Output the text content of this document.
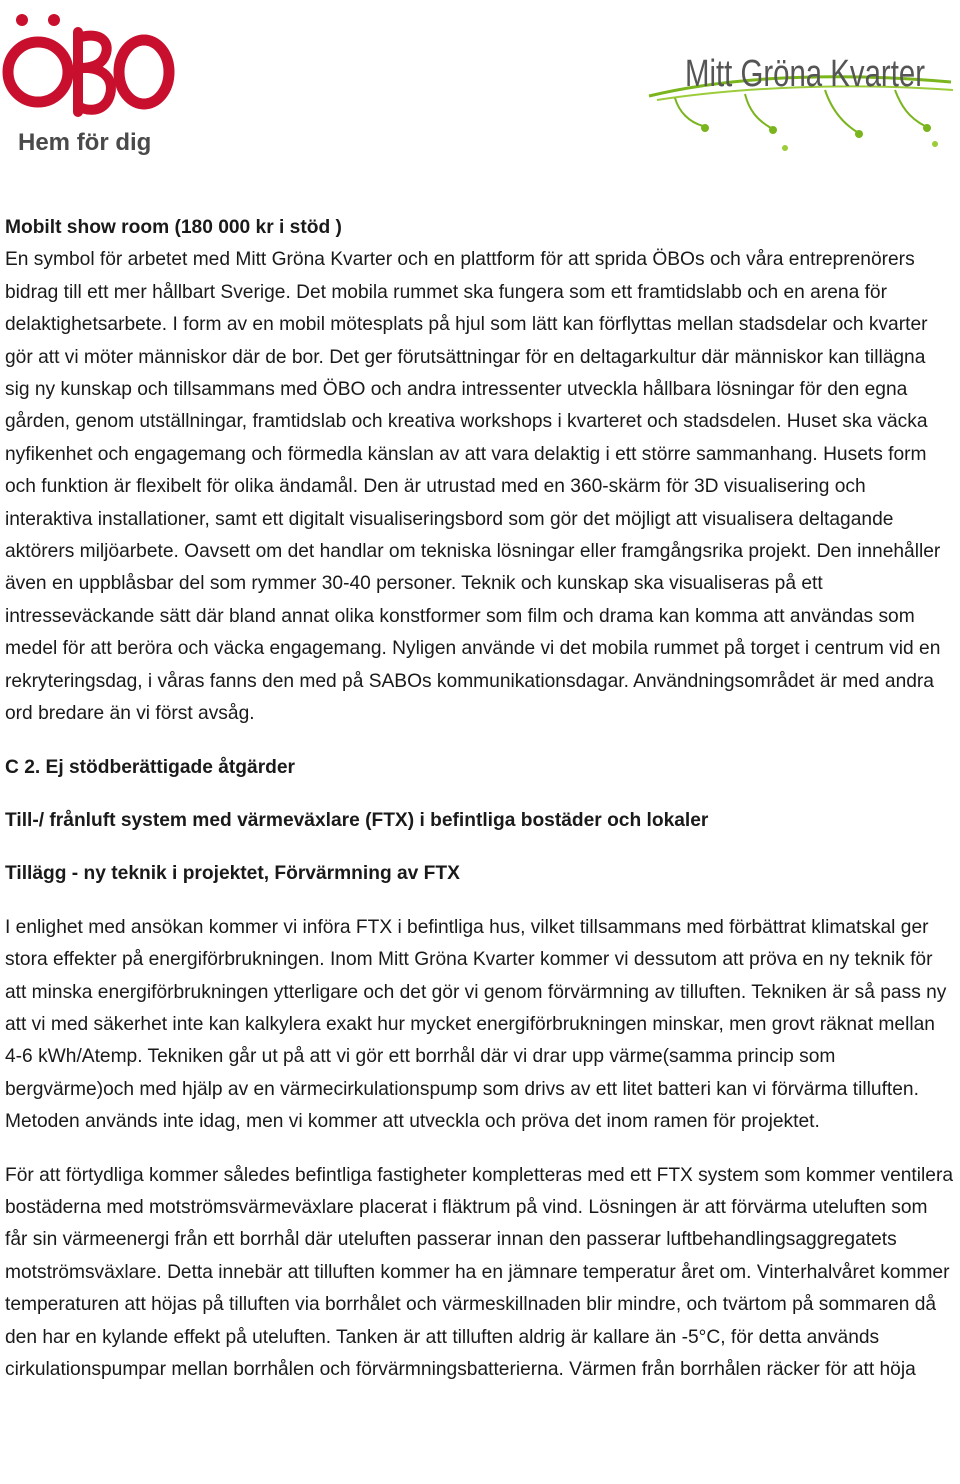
Hem för dig
Mitt Gröna Kvarter

Mobilt show room (180 000 kr i stöd )

En symbol för arbetet med Mitt Gröna Kvarter och en plattform för att sprida ÖBOs och våra entreprenörers bidrag till ett mer hållbart Sverige. Det mobila rummet ska fungera som ett framtidslabb och en arena för delaktighetsarbete. I form av en mobil mötesplats på hjul som lätt kan förflyttas mellan stadsdelar och kvarter gör att vi möter människor där de bor. Det ger förutsättningar för en deltagarkultur där människor kan tillägna sig ny kunskap och tillsammans med ÖBO och andra intressenter utveckla hållbara lösningar för den egna gården, genom utställningar, framtidslab och kreativa workshops i kvarteret och stadsdelen. Huset ska väcka nyfikenhet och engagemang och förmedla känslan av att vara delaktig i ett större sammanhang. Husets form och funktion är flexibelt för olika ändamål. Den är utrustad med en 360-skärm för 3D visualisering och interaktiva installationer, samt ett digitalt visualiseringsbord som gör det möjligt att visualisera deltagande aktörers miljöarbete. Oavsett om det handlar om tekniska lösningar eller framgångsrika projekt. Den innehåller även en uppblåsbar del som rymmer 30-40 personer. Teknik och kunskap ska visualiseras på ett intresseväckande sätt där bland annat olika konstformer som film och drama kan komma att användas som medel för att beröra och väcka engagemang. Nyligen använde vi det mobila rummet på torget i centrum vid en rekryteringsdag, i våras fanns den med på SABOs kommunikationsdagar. Användningsområdet är med andra ord bredare än vi först avsåg.

C 2. Ej stödberättigade åtgärder

Till-/ frånluft system med värmeväxlare (FTX) i befintliga bostäder och lokaler

Tillägg - ny teknik i projektet, Förvärmning av FTX

I enlighet med ansökan kommer vi införa FTX i befintliga hus, vilket tillsammans med förbättrat klimatskal ger stora effekter på energiförbrukningen. Inom Mitt Gröna Kvarter kommer vi dessutom att pröva en ny teknik för att minska energiförbrukningen ytterligare och det gör vi genom förvärmning av tilluften. Tekniken är så pass ny att vi med säkerhet inte kan kalkylera exakt hur mycket energiförbrukningen minskar, men grovt räknat mellan 4-6 kWh/Atemp. Tekniken går ut på att vi gör ett borrhål där vi drar upp värme(samma princip som bergvärme)och med hjälp av en värmecirkulationspump som drivs av ett litet batteri kan vi förvärma tilluften. Metoden används inte idag, men vi kommer att utveckla och pröva det inom ramen för projektet.

För att förtydliga kommer således befintliga fastigheter kompletteras med ett FTX system som kommer ventilera bostäderna med motströmsvärmeväxlare placerat i fläktrum på vind. Lösningen är att förvärma uteluften som får sin värmeenergi från ett borrhål där uteluften passerar innan den passerar luftbehandlingsaggregatets motströmsväxlare. Detta innebär att tilluften kommer ha en jämnare temperatur året om. Vinterhalvåret kommer temperaturen att höjas på tilluften via borrhålet och värmeskillnaden blir mindre, och tvärtom på sommaren då den har en kylande effekt på uteluften. Tanken är att tilluften aldrig är kallare än -5°C, för detta används cirkulationspumpar mellan borrhålen och förvärmningsbatterierna. Värmen från borrhålen räcker för att höja
